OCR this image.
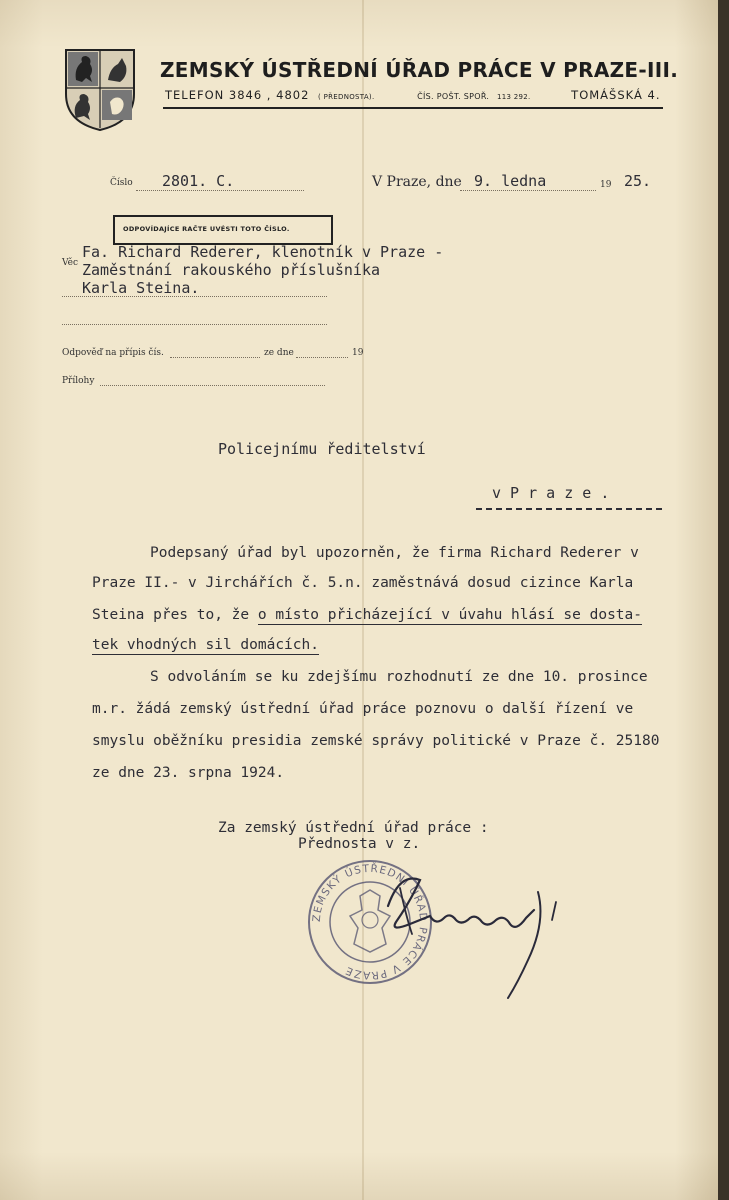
ZEMSKÝ ÚSTŘEDNÍ ÚŘAD PRÁCE V PRAZE-III.
TELEFON 3846 , 4802 ( PŘEDNOSTA).	ČÍS. POŠT. SPOŘ. 113 292.	TOMÁŠSKÁ 4.
Číslo 2801. C.	V Praze, dne 9. ledna	19 25.
ODPOVÍDAJÍCE RAČTE UVÉSTI TOTO ČÍSLO.
Věc
Fa. Richard Rederer, klenotník v Praze -
Zaměstnání rakouského příslušníka
Karla Steina.
Odpověď na přípis čís.	ze dne	19
Přílohy
Policejnímu ředitelství
v P r a z e .
Podepsaný úřad byl upozorněn, že firma Richard Rederer v
Praze II.- v Jirchářích č. 5.n. zaměstnává dosud cizince Karla
Steina přes to, že o místo přicházející v úvahu hlásí se dosta-
tek vhodných sil domácích.
S odvoláním se ku zdejšímu rozhodnutí ze dne 10. prosince
m.r. žádá zemský ústřední úřad práce poznovu o další řízení ve
smyslu oběžníku presidia zemské správy politické v Praze č. 25180
ze dne 23. srpna 1924.
Za zemský ústřední úřad práce :
Přednosta v z.
ZEMSKÝ ÚSTŘEDNÍ ÚŘAD PRÁCE V PRAZE
